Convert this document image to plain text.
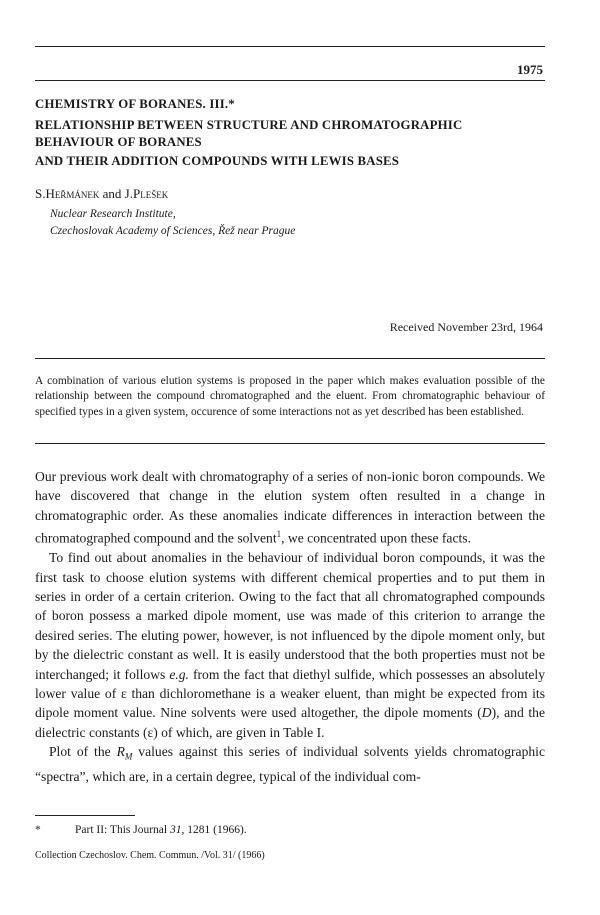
1975
CHEMISTRY OF BORANES. III.*
RELATIONSHIP BETWEEN STRUCTURE AND CHROMATOGRAPHIC
BEHAVIOUR OF BORANES
AND THEIR ADDITION COMPOUNDS WITH LEWIS BASES
S.Heřmánek and J.Plešek
Nuclear Research Institute,
Czechoslovak Academy of Sciences, Řež near Prague
Received November 23rd, 1964
A combination of various elution systems is proposed in the paper which makes evaluation possible of the relationship between the compound chromatographed and the eluent. From chromatographic behaviour of specified types in a given system, occurence of some interactions not as yet described has been established.

Our previous work dealt with chromatography of a series of non-ionic boron compounds. We have discovered that change in the elution system often resulted in a change in chromatographic order. As these anomalies indicate differences in interaction between the chromatographed compound and the solvent$^1$, we concentrated upon these facts.

To find out about anomalies in the behaviour of individual boron compounds, it was the first task to choose elution systems with different chemical properties and to put them in series in order of a certain criterion. Owing to the fact that all chromatographed compounds of boron possess a marked dipole moment, use was made of this criterion to arrange the desired series. The eluting power, however, is not influenced by the dipole moment only, but by the dielectric constant as well. It is easily understood that the both properties must not be interchanged; it follows e.g. from the fact that diethyl sulfide, which possesses an absolutely lower value of ε than dichloromethane is a weaker eluent, than might be expected from its dipole moment value. Nine solvents were used altogether, the dipole moments (D), and the dielectric constants (ε) of which, are given in Table I.

Plot of the $R_M$ values against this series of individual solvents yields chromatographic “spectra”, which are, in a certain degree, typical of the individual com-

*	Part II: This Journal 31, 1281 (1966).
Collection Czechoslov. Chem. Commun. /Vol. 31/ (1966)
